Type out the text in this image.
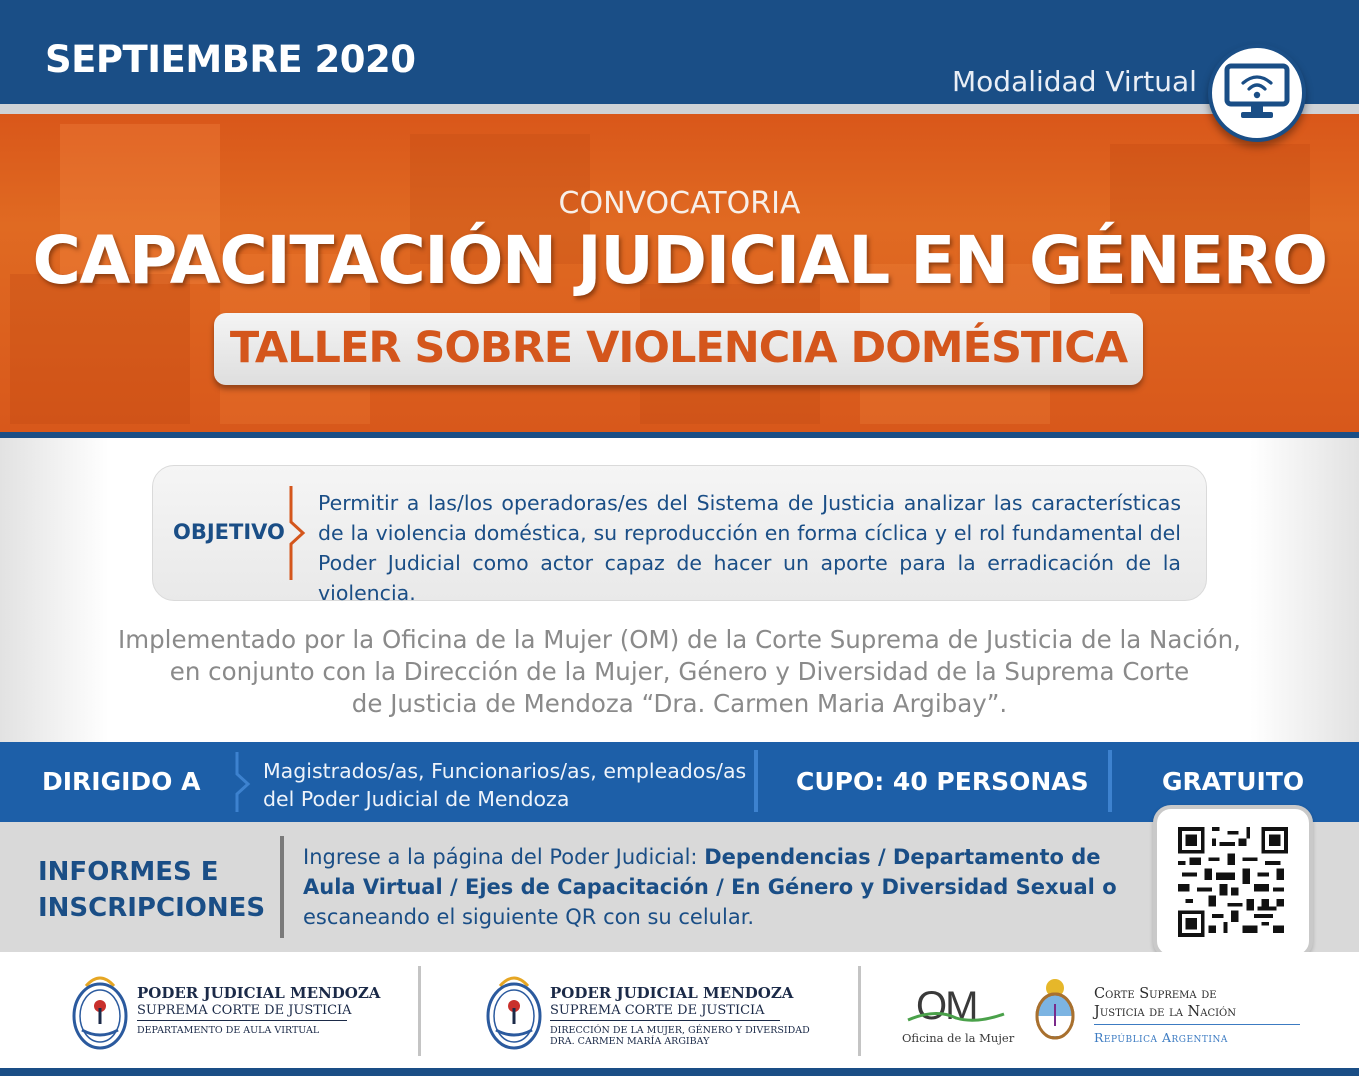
SEPTIEMBRE 2020
Modalidad Virtual
CONVOCATORIA
CAPACITACIÓN JUDICIAL EN GÉNERO
TALLER SOBRE VIOLENCIA DOMÉSTICA
OBJETIVO
Permitir a las/los operadoras/es del Sistema de Justicia analizar las características de la violencia doméstica, su reproducción en forma cíclica y el rol fundamental del Poder Judicial como actor capaz de hacer un aporte para la erradicación de la violencia.
Implementado por la Oficina de la Mujer (OM) de la Corte Suprema de Justicia de la Nación,
en conjunto con la Dirección de la Mujer, Género y Diversidad de la Suprema Corte
de Justicia de Mendoza “Dra. Carmen Maria Argibay”.
DIRIGIDO A	Magistrados/as, Funcionarios/as, empleados/as
del Poder Judicial de Mendoza
CUPO: 40 PERSONAS	GRATUITO
INFORMES E
INSCRIPCIONES
Ingrese a la página del Poder Judicial: Dependencias / Departamento de Aula Virtual / Ejes de Capacitación / En Género y Diversidad Sexual o escaneando el siguiente QR con su celular.
PODER JUDICIAL MENDOZA
SUPREMA CORTE DE JUSTICIA
DEPARTAMENTO DE AULA VIRTUAL
PODER JUDICIAL MENDOZA
SUPREMA CORTE DE JUSTICIA
DIRECCIÓN DE LA MUJER, GÉNERO Y DIVERSIDAD
DRA. CARMEN MARÍA ARGIBAY
OM
Oficina de la Mujer
Corte Suprema de
Justicia de la Nación
República Argentina
